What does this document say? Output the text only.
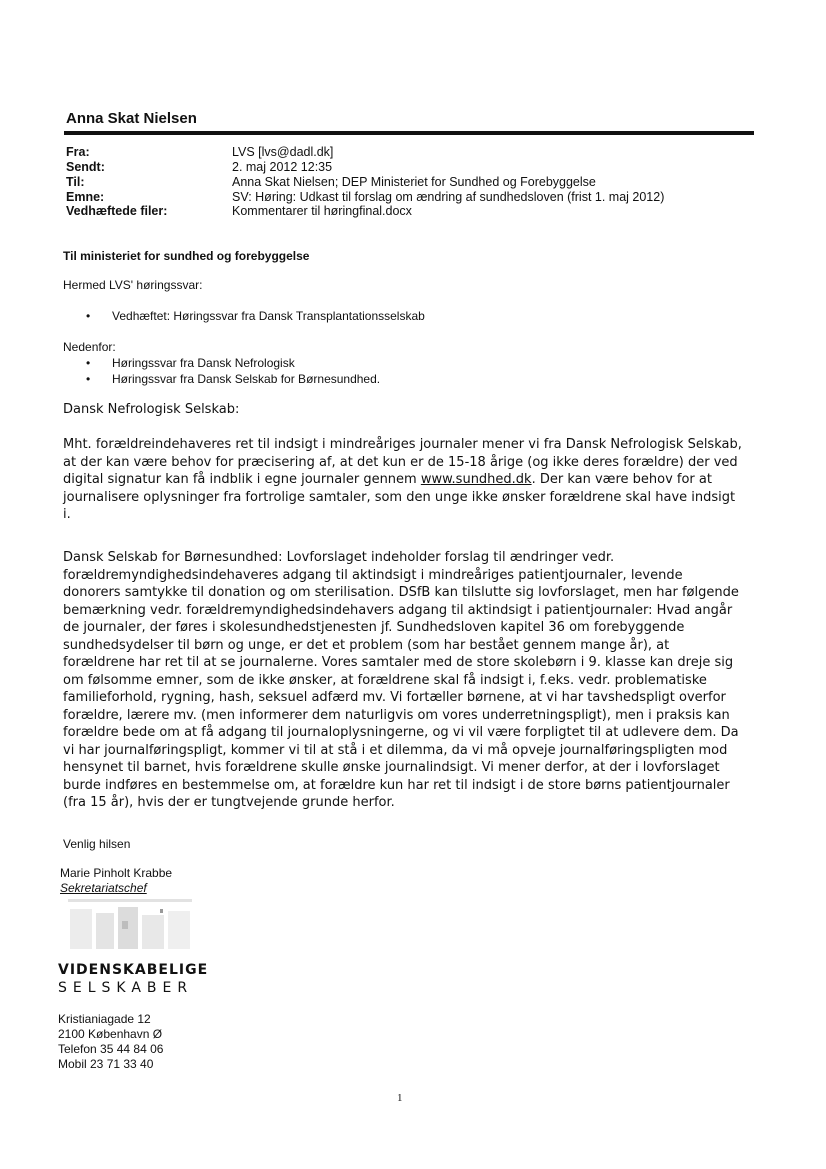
Anna Skat Nielsen
Fra:	LVS [lvs@dadl.dk]
Sendt:	2. maj 2012 12:35
Til:	Anna Skat Nielsen; DEP Ministeriet for Sundhed og Forebyggelse
Emne:	SV: Høring: Udkast til forslag om ændring af sundhedsloven (frist 1. maj 2012)
Vedhæftede filer:	Kommentarer til høringfinal.docx

Til ministeriet for sundhed og forebyggelse

Hermed LVS' høringssvar:

• Vedhæftet: Høringssvar fra Dansk Transplantationsselskab

Nedenfor:

• Høringssvar fra Dansk Nefrologisk
• Høringssvar fra Dansk Selskab for Børnesundhed.

Dansk Nefrologisk Selskab:

Mht. forældreindehaveres ret til indsigt i mindreåriges journaler mener vi fra Dansk Nefrologisk Selskab, at der kan være behov for præcisering af, at det kun er de 15-18 årige (og ikke deres forældre) der ved digital signatur kan få indblik i egne journaler gennem www.sundhed.dk. Der kan være behov for at journalisere oplysninger fra fortrolige samtaler, som den unge ikke ønsker forældrene skal have indsigt i.

Dansk Selskab for Børnesundhed: Lovforslaget indeholder forslag til ændringer vedr. forældremyndighedsindehaveres adgang til aktindsigt i mindreåriges patientjournaler, levende donorers samtykke til donation og om sterilisation. DSfB kan tilslutte sig lovforslaget, men har følgende bemærkning vedr. forældremyndighedsindehavers adgang til aktindsigt i patientjournaler: Hvad angår de journaler, der føres i skolesundhedstjenesten jf. Sundhedsloven kapitel 36 om forebyggende sundhedsydelser til børn og unge, er det et problem (som har bestået gennem mange år), at forældrene har ret til at se journalerne. Vores samtaler med de store skolebørn i 9. klasse kan dreje sig om følsomme emner, som de ikke ønsker, at forældrene skal få indsigt i, f.eks. vedr. problematiske familieforhold, rygning, hash, seksuel adfærd mv. Vi fortæller børnene, at vi har tavshedspligt overfor forældre, lærere mv. (men informerer dem naturligvis om vores underretningspligt), men i praksis kan forældre bede om at få adgang til journaloplysningerne, og vi vil være forpligtet til at udlevere dem. Da vi har journalføringspligt, kommer vi til at stå i et dilemma, da vi må opveje journalføringspligten mod hensynet til barnet, hvis forældrene skulle ønske journalindsigt. Vi mener derfor, at der i lovforslaget burde indføres en bestemmelse om, at forældre kun har ret til indsigt i de store børns patientjournaler (fra 15 år), hvis der er tungtvejende grunde herfor.

Venlig hilsen

Marie Pinholt Krabbe

Sekretariatschef

VIDENSKABELIGE

SELSKABER

Kristianiagade 12

2100 København Ø

Telefon 35 44 84 06

Mobil 23 71 33 40

1
